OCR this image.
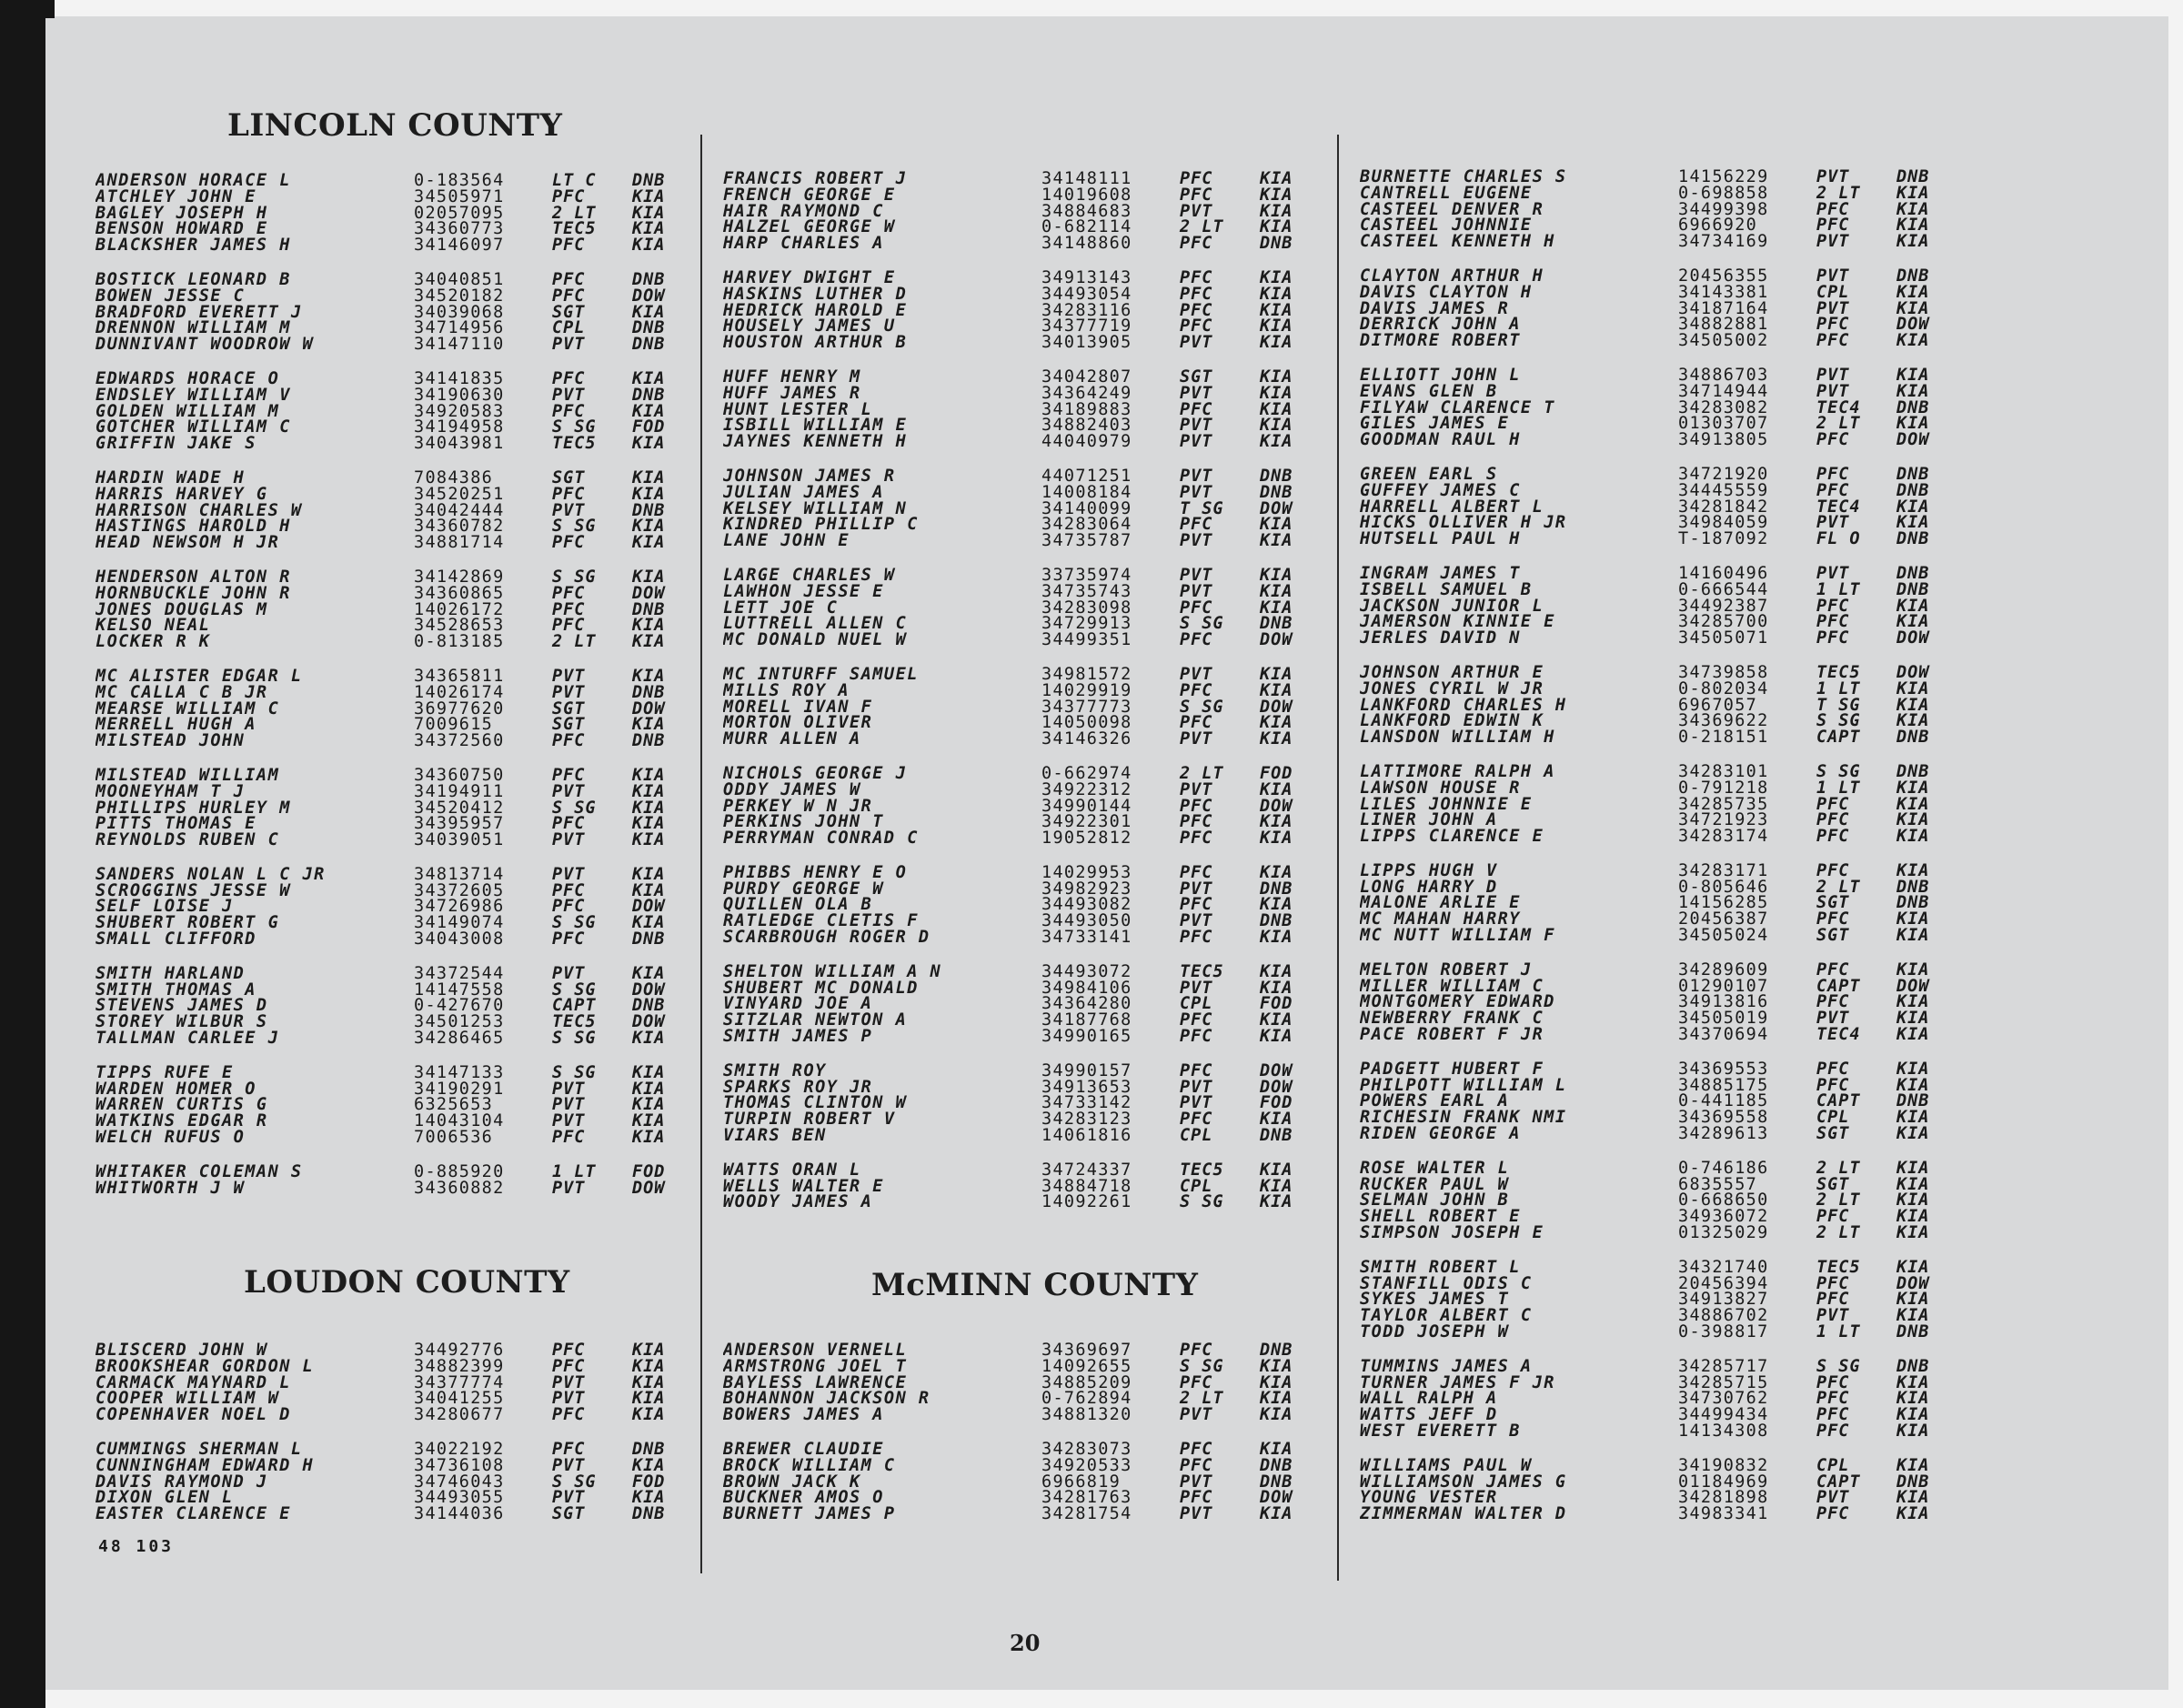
LINCOLN COUNTY
LOUDON COUNTY	McMINN COUNTY
ANDERSON HORACE L	0-183564	LT C	DNB
ATCHLEY JOHN E	34505971	PFC	KIA
BAGLEY JOSEPH H	02057095	2 LT	KIA
BENSON HOWARD E	34360773	TEC5	KIA
BLACKSHER JAMES H	34146097	PFC	KIA
BOSTICK LEONARD B	34040851	PFC	DNB
BOWEN JESSE C	34520182	PFC	DOW
BRADFORD EVERETT J	34039068	SGT	KIA
DRENNON WILLIAM M	34714956	CPL	DNB
DUNNIVANT WOODROW W	34147110	PVT	DNB
EDWARDS HORACE O	34141835	PFC	KIA
ENDSLEY WILLIAM V	34190630	PVT	DNB
GOLDEN WILLIAM M	34920583	PFC	KIA
GOTCHER WILLIAM C	34194958	S SG	FOD
GRIFFIN JAKE S	34043981	TEC5	KIA
HARDIN WADE H	7084386	SGT	KIA
HARRIS HARVEY G	34520251	PFC	KIA
HARRISON CHARLES W	34042444	PVT	DNB
HASTINGS HAROLD H	34360782	S SG	KIA
HEAD NEWSOM H JR	34881714	PFC	KIA
HENDERSON ALTON R	34142869	S SG	KIA
HORNBUCKLE JOHN R	34360865	PFC	DOW
JONES DOUGLAS M	14026172	PFC	DNB
KELSO NEAL	34528653	PFC	KIA
LOCKER R K	0-813185	2 LT	KIA
MC ALISTER EDGAR L	34365811	PVT	KIA
MC CALLA C B JR	14026174	PVT	DNB
MEARSE WILLIAM C	36977620	SGT	DOW
MERRELL HUGH A	7009615	SGT	KIA
MILSTEAD JOHN	34372560	PFC	DNB
MILSTEAD WILLIAM	34360750	PFC	KIA
MOONEYHAM T J	34194911	PVT	KIA
PHILLIPS HURLEY M	34520412	S SG	KIA
PITTS THOMAS E	34395957	PFC	KIA
REYNOLDS RUBEN C	34039051	PVT	KIA
SANDERS NOLAN L C JR	34813714	PVT	KIA
SCROGGINS JESSE W	34372605	PFC	KIA
SELF LOISE J	34726986	PFC	DOW
SHUBERT ROBERT G	34149074	S SG	KIA
SMALL CLIFFORD	34043008	PFC	DNB
SMITH HARLAND	34372544	PVT	KIA
SMITH THOMAS A	14147558	S SG	DOW
STEVENS JAMES D	0-427670	CAPT	DNB
STOREY WILBUR S	34501253	TEC5	DOW
TALLMAN CARLEE J	34286465	S SG	KIA
TIPPS RUFE E	34147133	S SG	KIA
WARDEN HOMER O	34190291	PVT	KIA
WARREN CURTIS G	6325653	PVT	KIA
WATKINS EDGAR R	14043104	PVT	KIA
WELCH RUFUS O	7006536	PFC	KIA
WHITAKER COLEMAN S	0-885920	1 LT	FOD
WHITWORTH J W	34360882	PVT	DOW
BLISCERD JOHN W	34492776	PFC	KIA
BROOKSHEAR GORDON L	34882399	PFC	KIA
CARMACK MAYNARD L	34377774	PVT	KIA
COOPER WILLIAM W	34041255	PVT	KIA
COPENHAVER NOEL D	34280677	PFC	KIA
CUMMINGS SHERMAN L	34022192	PFC	DNB
CUNNINGHAM EDWARD H	34736108	PVT	KIA
DAVIS RAYMOND J	34746043	S SG	FOD
DIXON GLEN L	34493055	PVT	KIA
EASTER CLARENCE E	34144036	SGT	DNB
FRANCIS ROBERT J	34148111	PFC	KIA
FRENCH GEORGE E	14019608	PFC	KIA
HAIR RAYMOND C	34884683	PVT	KIA
HALZEL GEORGE W	0-682114	2 LT	KIA
HARP CHARLES A	34148860	PFC	DNB
HARVEY DWIGHT E	34913143	PFC	KIA
HASKINS LUTHER D	34493054	PFC	KIA
HEDRICK HAROLD E	34283116	PFC	KIA
HOUSELY JAMES U	34377719	PFC	KIA
HOUSTON ARTHUR B	34013905	PVT	KIA
HUFF HENRY M	34042807	SGT	KIA
HUFF JAMES R	34364249	PVT	KIA
HUNT LESTER L	34189883	PFC	KIA
ISBILL WILLIAM E	34882403	PVT	KIA
JAYNES KENNETH H	44040979	PVT	KIA
JOHNSON JAMES R	44071251	PVT	DNB
JULIAN JAMES A	14008184	PVT	DNB
KELSEY WILLIAM N	34140099	T SG	DOW
KINDRED PHILLIP C	34283064	PFC	KIA
LANE JOHN E	34735787	PVT	KIA
LARGE CHARLES W	33735974	PVT	KIA
LAWHON JESSE E	34735743	PVT	KIA
LETT JOE C	34283098	PFC	KIA
LUTTRELL ALLEN C	34729913	S SG	DNB
MC DONALD NUEL W	34499351	PFC	DOW
MC INTURFF SAMUEL	34981572	PVT	KIA
MILLS ROY A	14029919	PFC	KIA
MORELL IVAN F	34377773	S SG	DOW
MORTON OLIVER	14050098	PFC	KIA
MURR ALLEN A	34146326	PVT	KIA
NICHOLS GEORGE J	0-662974	2 LT	FOD
ODDY JAMES W	34922312	PVT	KIA
PERKEY W N JR	34990144	PFC	DOW
PERKINS JOHN T	34922301	PFC	KIA
PERRYMAN CONRAD C	19052812	PFC	KIA
PHIBBS HENRY E O	14029953	PFC	KIA
PURDY GEORGE W	34982923	PVT	DNB
QUILLEN OLA B	34493082	PFC	KIA
RATLEDGE CLETIS F	34493050	PVT	DNB
SCARBROUGH ROGER D	34733141	PFC	KIA
SHELTON WILLIAM A N	34493072	TEC5	KIA
SHUBERT MC DONALD	34984106	PVT	KIA
VINYARD JOE A	34364280	CPL	FOD
SITZLAR NEWTON A	34187768	PFC	KIA
SMITH JAMES P	34990165	PFC	KIA
SMITH ROY	34990157	PFC	DOW
SPARKS ROY JR	34913653	PVT	DOW
THOMAS CLINTON W	34733142	PVT	FOD
TURPIN ROBERT V	34283123	PFC	KIA
VIARS BEN	14061816	CPL	DNB
WATTS ORAN L	34724337	TEC5	KIA
WELLS WALTER E	34884718	CPL	KIA
WOODY JAMES A	14092261	S SG	KIA
ANDERSON VERNELL	34369697	PFC	DNB
ARMSTRONG JOEL T	14092655	S SG	KIA
BAYLESS LAWRENCE	34885209	PFC	KIA
BOHANNON JACKSON R	0-762894	2 LT	KIA
BOWERS JAMES A	34881320	PVT	KIA
BREWER CLAUDIE	34283073	PFC	KIA
BROCK WILLIAM C	34920533	PFC	DNB
BROWN JACK K	6966819	PVT	DNB
BUCKNER AMOS O	34281763	PFC	DOW
BURNETT JAMES P	34281754	PVT	KIA
BURNETTE CHARLES S	14156229	PVT	DNB
CANTRELL EUGENE	0-698858	2 LT	KIA
CASTEEL DENVER R	34499398	PFC	KIA
CASTEEL JOHNNIE	6966920	PFC	KIA
CASTEEL KENNETH H	34734169	PVT	KIA
CLAYTON ARTHUR H	20456355	PVT	DNB
DAVIS CLAYTON H	34143381	CPL	KIA
DAVIS JAMES R	34187164	PVT	KIA
DERRICK JOHN A	34882881	PFC	DOW
DITMORE ROBERT	34505002	PFC	KIA
ELLIOTT JOHN L	34886703	PVT	KIA
EVANS GLEN B	34714944	PVT	KIA
FILYAW CLARENCE T	34283082	TEC4	DNB
GILES JAMES E	01303707	2 LT	KIA
GOODMAN RAUL H	34913805	PFC	DOW
GREEN EARL S	34721920	PFC	DNB
GUFFEY JAMES C	34445559	PFC	DNB
HARRELL ALBERT L	34281842	TEC4	KIA
HICKS OLLIVER H JR	34984059	PVT	KIA
HUTSELL PAUL H	T-187092	FL O	DNB
INGRAM JAMES T	14160496	PVT	DNB
ISBELL SAMUEL B	0-666544	1 LT	DNB
JACKSON JUNIOR L	34492387	PFC	KIA
JAMERSON KINNIE E	34285700	PFC	KIA
JERLES DAVID N	34505071	PFC	DOW
JOHNSON ARTHUR E	34739858	TEC5	DOW
JONES CYRIL W JR	0-802034	1 LT	KIA
LANKFORD CHARLES H	6967057	T SG	KIA
LANKFORD EDWIN K	34369622	S SG	KIA
LANSDON WILLIAM H	0-218151	CAPT	DNB
LATTIMORE RALPH A	34283101	S SG	DNB
LAWSON HOUSE R	0-791218	1 LT	KIA
LILES JOHNNIE E	34285735	PFC	KIA
LINER JOHN A	34721923	PFC	KIA
LIPPS CLARENCE E	34283174	PFC	KIA
LIPPS HUGH V	34283171	PFC	KIA
LONG HARRY D	0-805646	2 LT	DNB
MALONE ARLIE E	14156285	SGT	DNB
MC MAHAN HARRY	20456387	PFC	KIA
MC NUTT WILLIAM F	34505024	SGT	KIA
MELTON ROBERT J	34289609	PFC	KIA
MILLER WILLIAM C	01290107	CAPT	DOW
MONTGOMERY EDWARD	34913816	PFC	KIA
NEWBERRY FRANK C	34505019	PVT	KIA
PACE ROBERT F JR	34370694	TEC4	KIA
PADGETT HUBERT F	34369553	PFC	KIA
PHILPOTT WILLIAM L	34885175	PFC	KIA
POWERS EARL A	0-441185	CAPT	DNB
RICHESIN FRANK NMI	34369558	CPL	KIA
RIDEN GEORGE A	34289613	SGT	KIA
ROSE WALTER L	0-746186	2 LT	KIA
RUCKER PAUL W	6835557	SGT	KIA
SELMAN JOHN B	0-668650	2 LT	KIA
SHELL ROBERT E	34936072	PFC	KIA
SIMPSON JOSEPH E	01325029	2 LT	KIA
SMITH ROBERT L	34321740	TEC5	KIA
STANFILL ODIS C	20456394	PFC	DOW
SYKES JAMES T	34913827	PFC	KIA
TAYLOR ALBERT C	34886702	PVT	KIA
TODD JOSEPH W	0-398817	1 LT	DNB
TUMMINS JAMES A	34285717	S SG	DNB
TURNER JAMES F JR	34285715	PFC	KIA
WALL RALPH A	34730762	PFC	KIA
WATTS JEFF D	34499434	PFC	KIA
WEST EVERETT B	14134308	PFC	KIA
WILLIAMS PAUL W	34190832	CPL	KIA
WILLIAMSON JAMES G	01184969	CAPT	DNB
YOUNG VESTER	34281898	PVT	KIA
ZIMMERMAN WALTER D	34983341	PFC	KIA
48 103
20
